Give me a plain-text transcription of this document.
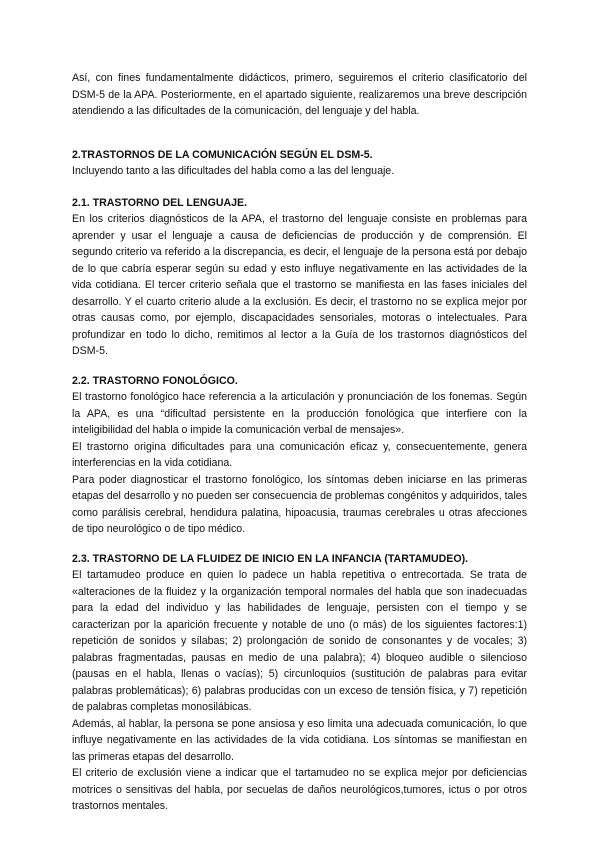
Así, con fines fundamentalmente didácticos, primero, seguiremos el criterio clasificatorio del DSM-5 de la APA. Posteriormente, en el apartado siguiente, realizaremos una breve descripción atendiendo a las dificultades de la comunicación, del lenguaje y del habla.

2.TRASTORNOS DE LA COMUNICACIÓN SEGÚN EL DSM-5.

Incluyendo tanto a las dificultades del habla como a las del lenguaje.

2.1. TRASTORNO DEL LENGUAJE.

En los criterios diagnósticos de la APA, el trastorno del lenguaje consiste en problemas para aprender y usar el lenguaje a causa de deficiencias de producción y de comprensión. El segundo criterio va referido a la discrepancia, es decir, el lenguaje de la persona está por debajo de lo que cabría esperar según su edad y esto influye negativamente en las actividades de la vida cotidiana. El tercer criterio señala que el trastorno se manifiesta en las fases iniciales del desarrollo. Y el cuarto criterio alude a la exclusión. Es decir, el trastorno no se explica mejor por otras causas como, por ejemplo, discapacidades sensoriales, motoras o intelectuales. Para profundizar en todo lo dicho, remitimos al lector a la Guía de los trastornos diagnósticos del DSM-5.

2.2. TRASTORNO FONOLÓGICO.

El trastorno fonológico hace referencia a la articulación y pronunciación de los fonemas. Según la APA, es una “dificultad persistente en la producción fonológica que interfiere con la inteligibilidad del habla o impide la comunicación verbal de mensajes».

El trastorno origina dificultades para una comunicación eficaz y, consecuentemente, genera interferencias en la vida cotidiana.

Para poder diagnosticar el trastorno fonológico, los síntomas deben iniciarse en las primeras etapas del desarrollo y no pueden ser consecuencia de problemas congénitos y adquiridos, tales como parálisis cerebral, hendidura palatina, hipoacusia, traumas cerebrales u otras afecciones de tipo neurológico o de tipo médico.

2.3. TRASTORNO DE LA FLUIDEZ DE INICIO EN LA INFANCIA (TARTAMUDEO).

El tartamudeo produce en quien lo padece un habla repetitiva o entrecortada. Se trata de «alteraciones de la fluidez y la organización temporal normales del habla que son inadecuadas para la edad del individuo y las habilidades de lenguaje, persisten con el tiempo y se caracterizan por la aparición frecuente y notable de uno (o más) de los siguientes factores:1) repetición de sonidos y sílabas; 2) prolongación de sonido de consonantes y de vocales; 3) palabras fragmentadas, pausas en medio de una palabra); 4) bloqueo audible o silencioso (pausas en el habla, llenas o vacías); 5) circunloquios (sustitución de palabras para evitar palabras problemáticas); 6) palabras producidas con un exceso de tensión física, y 7) repetición de palabras completas monosilábicas.

Además, al hablar, la persona se pone ansiosa y eso limita una adecuada comunicación, lo que influye negativamente en las actividades de la vida cotidiana. Los síntomas se manifiestan en las primeras etapas del desarrollo.

El criterio de exclusión viene a indicar que el tartamudeo no se explica mejor por deficiencias motrices o sensitivas del habla, por secuelas de daños neurológicos,tumores, ictus o por otros trastornos mentales.
